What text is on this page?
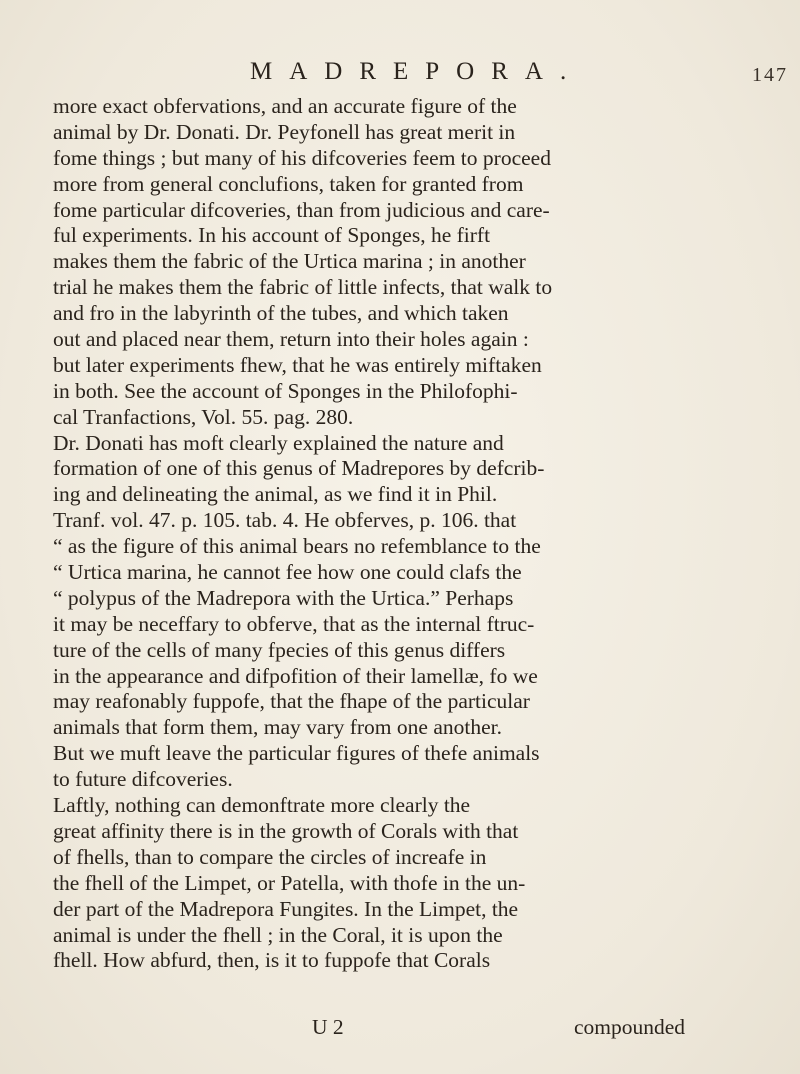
MADREPORA.	147
more exact obfervations, and an accurate figure of the
animal by Dr. Donati. Dr. Peyfonell has great merit in
fome things ; but many of his difcoveries feem to proceed
more from general conclufions, taken for granted from
fome particular difcoveries, than from judicious and care-
ful experiments. In his account of Sponges, he firft
makes them the fabric of the Urtica marina ; in another
trial he makes them the fabric of little infects, that walk to
and fro in the labyrinth of the tubes, and which taken
out and placed near them, return into their holes again :
but later experiments fhew, that he was entirely miftaken
in both. See the account of Sponges in the Philofophi-
cal Tranfactions, Vol. 55. pag. 280.
Dr. Donati has moft clearly explained the nature and
formation of one of this genus of Madrepores by defcrib-
ing and delineating the animal, as we find it in Phil.
Tranf. vol. 47. p. 105. tab. 4. He obferves, p. 106. that
“ as the figure of this animal bears no refemblance to the
“ Urtica marina, he cannot fee how one could clafs the
“ polypus of the Madrepora with the Urtica.” Perhaps
it may be neceffary to obferve, that as the internal ftruc-
ture of the cells of many fpecies of this genus differs
in the appearance and difpofition of their lamellæ, fo we
may reafonably fuppofe, that the fhape of the particular
animals that form them, may vary from one another.
But we muft leave the particular figures of thefe animals
to future difcoveries.
Laftly, nothing can demonftrate more clearly the
great affinity there is in the growth of Corals with that
of fhells, than to compare the circles of increafe in
the fhell of the Limpet, or Patella, with thofe in the un-
der part of the Madrepora Fungites. In the Limpet, the
animal is under the fhell ; in the Coral, it is upon the
fhell. How abfurd, then, is it to fuppofe that Corals
U 2	compounded
